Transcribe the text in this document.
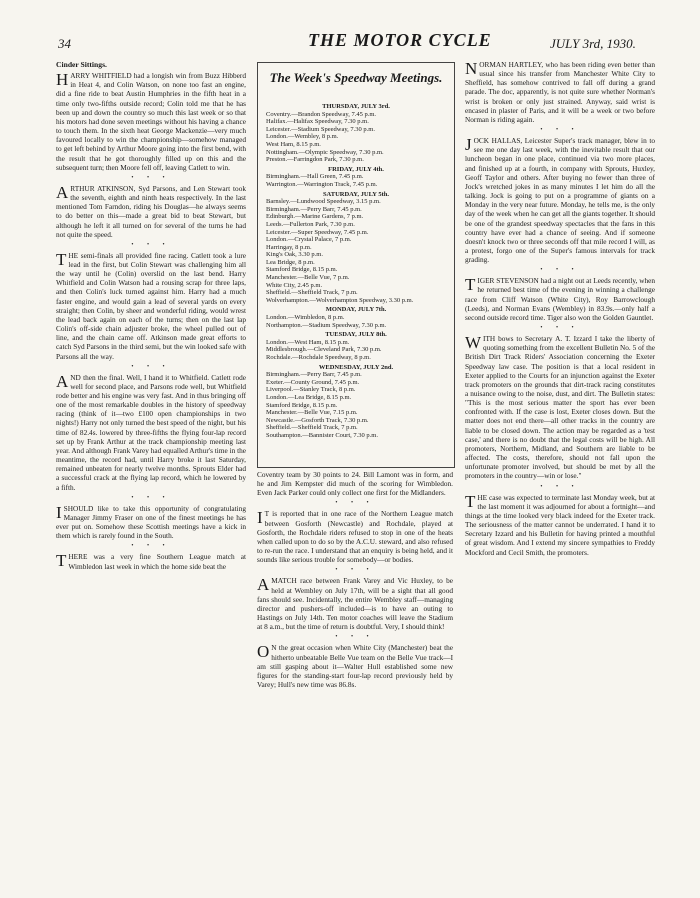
34	THE MOTOR CYCLE	JULY 3rd, 1930.

Cinder Sittings.

HARRY WHITFIELD had a longish win from Buzz Hibberd in Heat 4, and Colin Watson, on none too fast an engine, did a fine ride to beat Austin Humphries in the fifth heat in a time only two-fifths outside record; Colin told me that he has been up and down the country so much this last week or so that his motors had done seven meetings without his having a chance to touch them. In the sixth heat George Mackenzie—very much favoured locally to win the championship—somehow managed to get left behind by Arthur Moore going into the first bend, with the result that he got thoroughly filled up on this and the subsequent turn; then Moore fell off, leaving Catlett to win.

• • •

ARTHUR ATKINSON, Syd Parsons, and Len Stewart took the seventh, eighth and ninth heats respectively. In the last mentioned Tom Farndon, riding his Douglas—he always seems to do better on this—made a great bid to beat Stewart, but although he left it all turned on for several of the turns he had not quite the speed.

• • •

THE semi-finals all provided fine racing. Catlett took a lure lead in the first, but Colin Stewart was challenging him all the way until he (Colin) overslid on the last bend. Harry Whitfield and Colin Watson had a rousing scrap for three laps, and then Colin's luck turned against him. Harry had a much faster engine, and would gain a lead of several yards on every straight; then Colin, by sheer and wonderful riding, would wrest the lead back again on each of the turns; then on the last lap Colin's off-side chain adjuster broke, the wheel pulled out of line, and the chain came off. Atkinson made great efforts to catch Syd Parsons in the third semi, but the win looked safe with Parsons all the way.

• • •

AND then the final. Well, I hand it to Whitfield. Catlett rode well for second place, and Parsons rode well, but Whitfield rode better and his engine was very fast. And in thus bringing off one of the most remarkable doubles in the history of speedway racing (think of it—two £100 open championships in two nights!) Harry not only turned the best speed of the night, but his time of 82.4s. lowered by three-fifths the flying four-lap record set up by Frank Arthur at the track championship meeting last year. And although Frank Varey had equalled Arthur's time in the meantime, the record had, until Harry broke it last Saturday, remained unbeaten for nearly twelve months. Sprouts Elder had a successful crack at the flying lap record, which he lowered by a fifth.

• • •

I SHOULD like to take this opportunity of congratulating Manager Jimmy Fraser on one of the finest meetings he has ever put on. Somehow these Scottish meetings have a kick in them which is rarely found in the South.

• • •

THERE was a very fine Southern League match at Wimbledon last week in which the home side beat the

The Week's Speedway Meetings.
THURSDAY, JULY 3rd.
Coventry.—Brandon Speedway, 7.45 p.m.
Halifax.—Halifax Speedway, 7.30 p.m.
Leicester.—Stadium Speedway, 7.30 p.m.
London.—Wembley, 8 p.m.
West Ham, 8.15 p.m.
Nottingham.—Olympic Speedway, 7.30 p.m.
Preston.—Farringdon Park, 7.30 p.m.
FRIDAY, JULY 4th.
Birmingham.—Hall Green, 7.45 p.m.
Warrington.—Warrington Track, 7.45 p.m.
SATURDAY, JULY 5th.
Barnsley.—Lundwood Speedway, 3.15 p.m.
Birmingham.—Perry Barr, 7.45 p.m.
Edinburgh.—Marine Gardens, 7 p.m.
Leeds.—Fullerton Park, 7.30 p.m.
Leicester.—Super Speedway, 7.45 p.m.
London.—Crystal Palace, 7 p.m.
Harringay, 8 p.m.
King's Oak, 3.30 p.m.
Lea Bridge, 8 p.m.
Stamford Bridge, 8.15 p.m.
Manchester.—Belle Vue, 7 p.m.
White City, 2.45 p.m.
Sheffield.—Sheffield Track, 7 p.m.
Wolverhampton.—Wolverhampton Speedway, 3.30 p.m.
MONDAY, JULY 7th.
London.—Wimbledon, 8 p.m.
Northampton.—Stadium Speedway, 7.30 p.m.
TUESDAY, JULY 8th.
London.—West Ham, 8.15 p.m.
Middlesbrough.—Cleveland Park, 7.30 p.m.
Rochdale.—Rochdale Speedway, 8 p.m.
WEDNESDAY, JULY 2nd.
Birmingham.—Perry Barr, 7.45 p.m.
Exeter.—County Ground, 7.45 p.m.
Liverpool.—Stanley Track, 8 p.m.
London.—Lea Bridge, 8.15 p.m.
Stamford Bridge, 8.15 p.m.
Manchester.—Belle Vue, 7.15 p.m.
Newcastle.—Gosforth Track, 7.30 p.m.
Sheffield.—Sheffield Track, 7 p.m.
Southampton.—Bannister Court, 7.30 p.m.

Coventry team by 30 points to 24. Bill Lamont was in form, and he and Jim Kempster did much of the scoring for Wimbledon. Even Jack Parker could only collect one first for the Midlanders.

• • •

I T is reported that in one race of the Northern League match between Gosforth (Newcastle) and Rochdale, played at Gosforth, the Rochdale riders refused to stop in one of the heats when called upon to do so by the A.C.U. steward, and also refused to re-run the race. I understand that an enquiry is being held, and it sounds like serious trouble for somebody—or bodies.

• • •

A MATCH race between Frank Varey and Vic Huxley, to be held at Wembley on July 17th, will be a sight that all good fans should see. Incidentally, the entire Wembley staff—managing director and pushers-off included—is to have an outing to Hastings on July 14th. Ten motor coaches will leave the Stadium at 8 a.m., but the time of return is doubtful. Very, I should think!

• • •

O N the great occasion when White City (Manchester) beat the hitherto unbeatable Belle Vue team on the Belle Vue track—I am still gasping about it—Walter Hull established some new figures for the standing-start four-lap record previously held by Varey; Hull's new time was 86.8s.

NORMAN HARTLEY, who has been riding even better than usual since his transfer from Manchester White City to Sheffield, has somehow contrived to fall off during a grand parade. The doc, apparently, is not quite sure whether Norman's wrist is broken or only just strained. Anyway, said wrist is encased in plaster of Paris, and it will be a week or two before Norman is riding again.

• • •

JOCK HALLAS, Leicester Super's track manager, blew in to see me one day last week, with the inevitable result that our luncheon began in one place, continued via two more places, and finished up at a fourth, in company with Sprouts, Huxley, Geoff Taylor and others. After buying no fewer than three of Jock's wretched jokes in as many minutes I let him do all the talking. Jock is going to put on a programme of giants on a Monday in the very near future. Monday, he tells me, is the only day of the week when he can get all the giants together. It should be one of the grandest speedway spectacles that the fans in this country have ever had a chance of seeing. And if someone doesn't knock two or three seconds off that mile record I will, as a protest, forgo one of the Super's famous intervals for track grading.

• • •

TIGER STEVENSON had a night out at Leeds recently, when he returned best time of the evening in winning a challenge race from Cliff Watson (White City), Roy Barrowclough (Leeds), and Norman Evans (Wembley) in 83.9s.—only half a second outside record time. Tiger also won the Golden Gauntlet.

• • •

WITH bows to Secretary A. T. Izzard I take the liberty of quoting something from the excellent Bulletin No. 5 of the British Dirt Track Riders' Association concerning the Exeter Speedway law case. The position is that a local resident in Exeter applied to the Courts for an injunction against the Exeter track promoters on the grounds that dirt-track racing constitutes a nuisance owing to the noise, dust, and dirt. The Bulletin states: "This is the most serious matter the sport has ever been confronted with. If the case is lost, Exeter closes down. But the matter does not end there—all other tracks in the country are liable to be closed down. The action may be regarded as a 'test case,' and there is no doubt that the legal costs will be high. All promoters, Northern, Midland, and Southern are liable to be affected. The costs, therefore, should not fall upon the unfortunate promoter involved, but should be met by all the promoters in the country—win or lose."

• • •

THE case was expected to terminate last Monday week, but at the last moment it was adjourned for about a fortnight—and things at the time looked very black indeed for the Exeter track. The seriousness of the matter cannot be underrated. I hand it to Secretary Izzard and his Bulletin for having printed a mouthful of great wisdom. And I extend my sincere sympathies to Freddy Mockford and Cecil Smith, the promoters.
